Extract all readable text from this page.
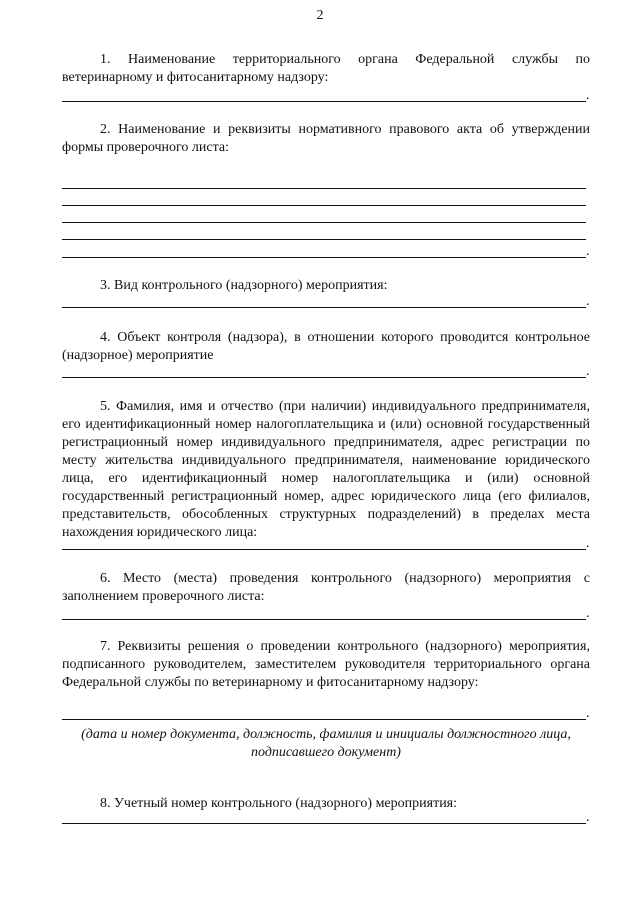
2
1. Наименование территориального органа Федеральной службы по ветеринарному и фитосанитарному надзору:
.
2. Наименование и реквизиты нормативного правового акта об утверждении формы проверочного листа:
.
3. Вид контрольного (надзорного) мероприятия:
.
4. Объект контроля (надзора), в отношении которого проводится контрольное (надзорное) мероприятие
.
5. Фамилия, имя и отчество (при наличии) индивидуального предпринимателя, его идентификационный номер налогоплательщика и (или) основной государственный регистрационный номер индивидуального предпринимателя, адрес регистрации по месту жительства индивидуального предпринимателя, наименование юридического лица, его идентификационный номер налогоплательщика и (или) основной государственный регистрационный номер, адрес юридического лица (его филиалов, представительств, обособленных структурных подразделений) в пределах места нахождения юридического лица:
.
6. Место (места) проведения контрольного (надзорного) мероприятия с заполнением проверочного листа:
.
7. Реквизиты решения о проведении контрольного (надзорного) мероприятия, подписанного руководителем, заместителем руководителя территориального органа Федеральной службы по ветеринарному и фитосанитарному надзору:
.
(дата и номер документа, должность, фамилия и инициалы должностного лица, подписавшего документ)
8. Учетный номер контрольного (надзорного) мероприятия:
.
